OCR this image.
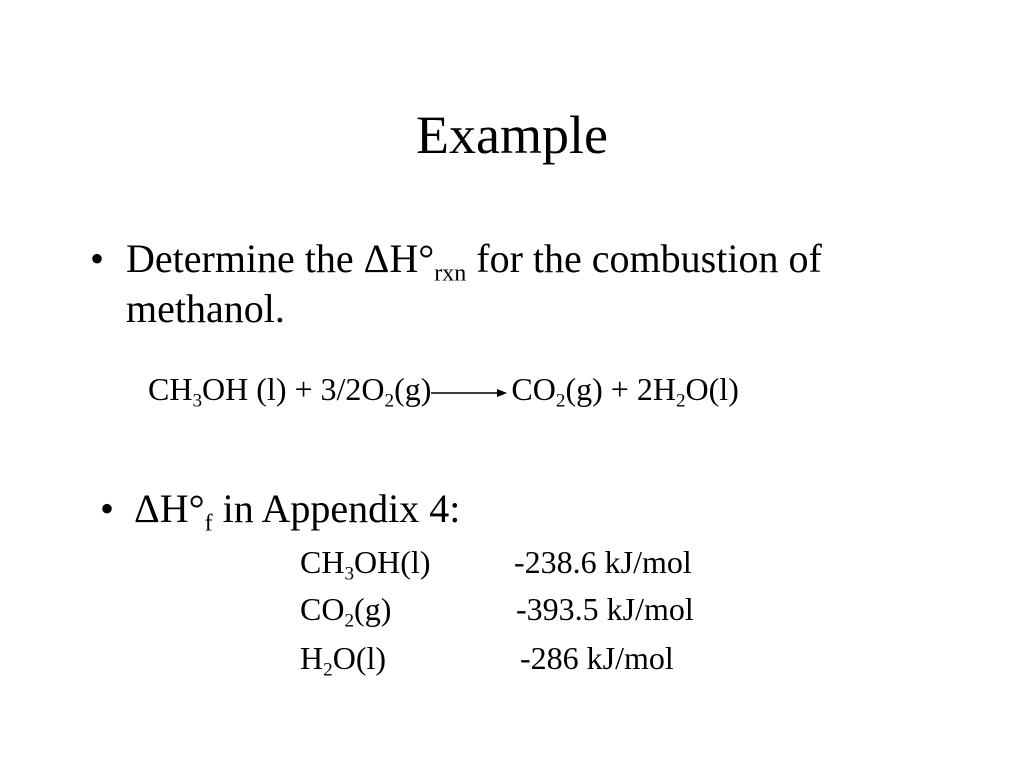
Example
• Determine the $\Delta H^\circ_{rxn}$ for the combustion of methanol.
$CH_3OH$ $(l) + 3/2O_2(g)\to CO_2(g) + 2H_2O(l)$
• $\Delta H^\circ_f$ in Appendix 4:
$CH_3OH(l)$	-238.6 kJ/mol
$CO_2(g)$	-393.5 kJ/mol
$H_2O(l)$	-286 kJ/mol
